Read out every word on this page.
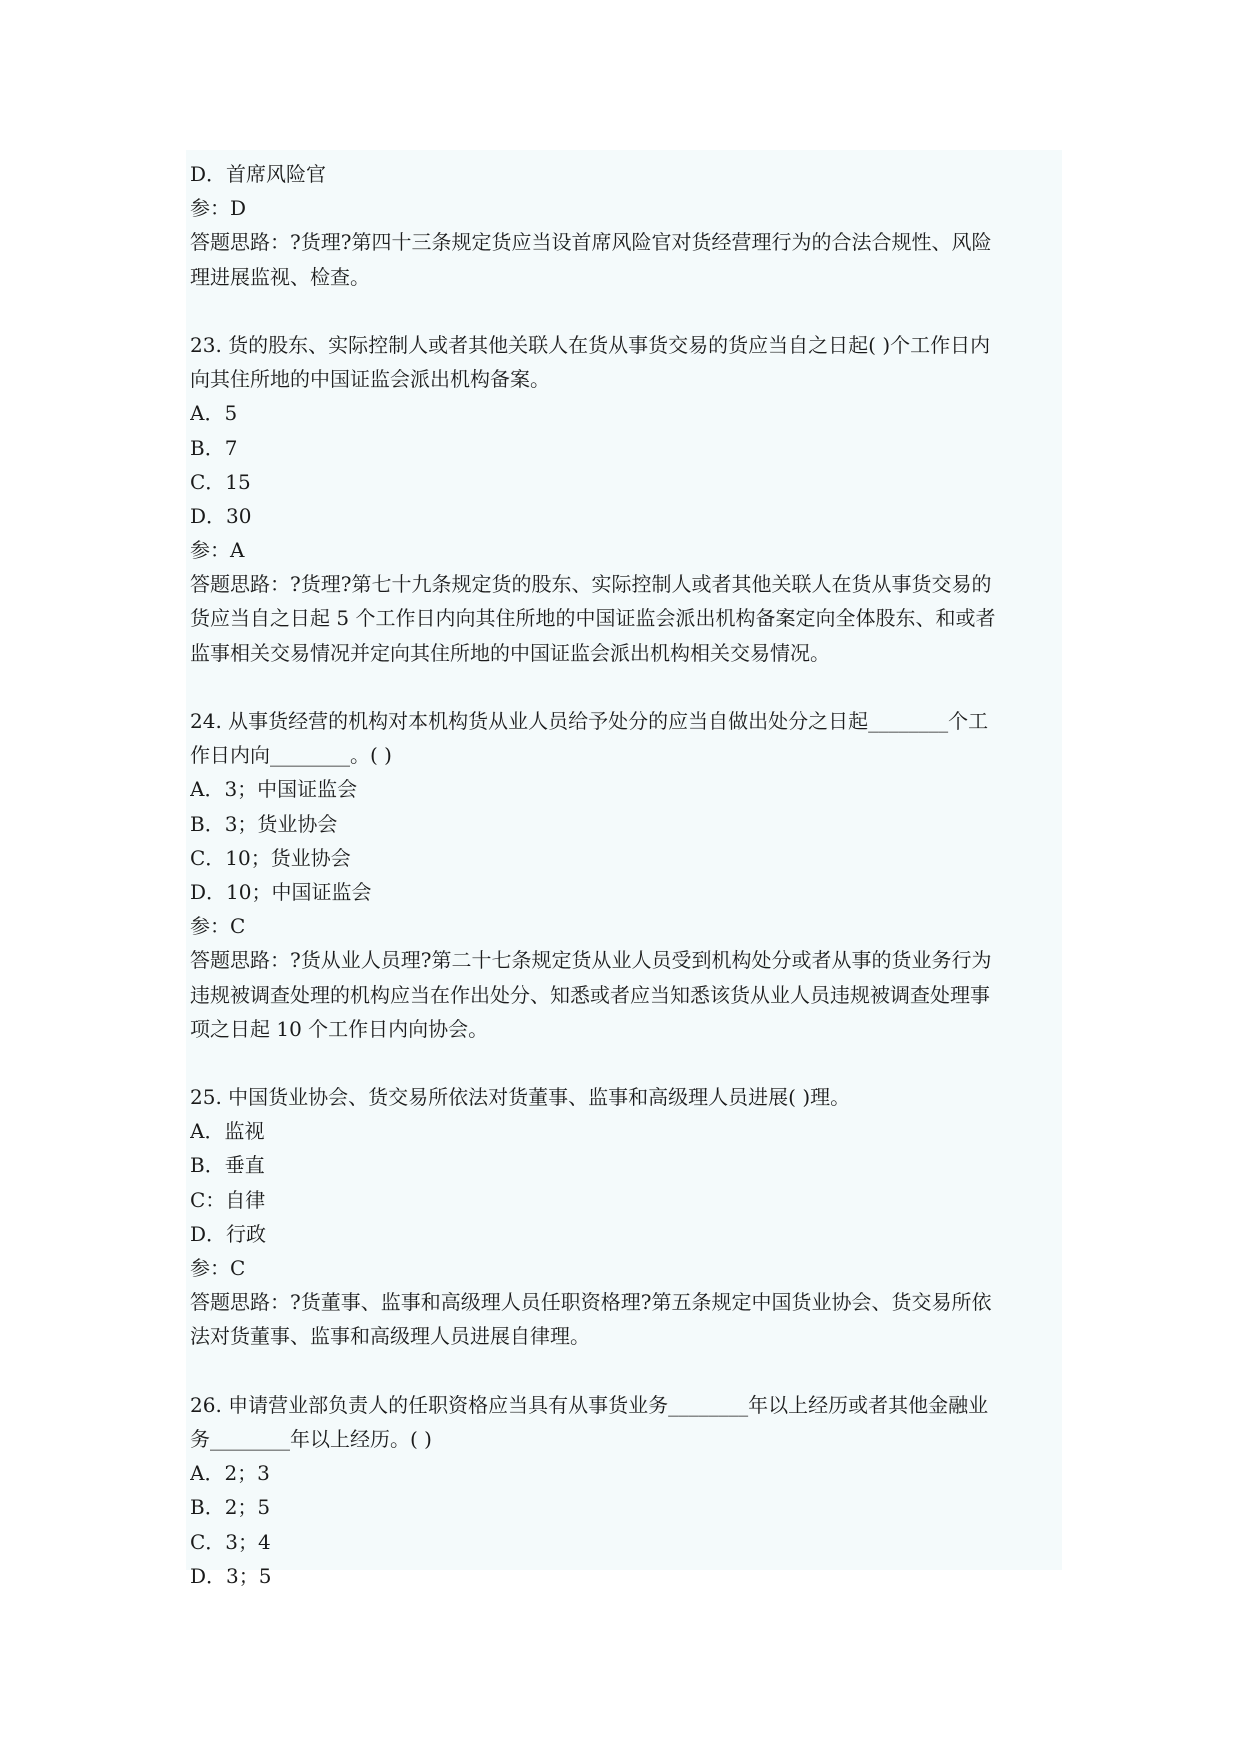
D．首席风险官
参：D
答题思路：?货理?第四十三条规定货应当设首席风险官对货经营理行为的合法合规性、风险
理进展监视、检查。
23. 货的股东、实际控制人或者其他关联人在货从事货交易的货应当自之日起( )个工作日内
向其住所地的中国证监会派出机构备案。
A．5
B．7
C．15
D．30
参：A
答题思路：?货理?第七十九条规定货的股东、实际控制人或者其他关联人在货从事货交易的
货应当自之日起 5 个工作日内向其住所地的中国证监会派出机构备案定向全体股东、和或者
监事相关交易情况并定向其住所地的中国证监会派出机构相关交易情况。
24. 从事货经营的机构对本机构货从业人员给予处分的应当自做出处分之日起________个工
作日内向________。( )
A．3；中国证监会
B．3；货业协会
C．10；货业协会
D．10；中国证监会
参：C
答题思路：?货从业人员理?第二十七条规定货从业人员受到机构处分或者从事的货业务行为
违规被调查处理的机构应当在作出处分、知悉或者应当知悉该货从业人员违规被调查处理事
项之日起 10 个工作日内向协会。
25. 中国货业协会、货交易所依法对货董事、监事和高级理人员进展( )理。
A．监视
B．垂直
C：自律
D．行政
参：C
答题思路：?货董事、监事和高级理人员任职资格理?第五条规定中国货业协会、货交易所依
法对货董事、监事和高级理人员进展自律理。
26. 申请营业部负责人的任职资格应当具有从事货业务________年以上经历或者其他金融业
务________年以上经历。( )
A．2；3
B．2；5
C．3；4
D．3；5
